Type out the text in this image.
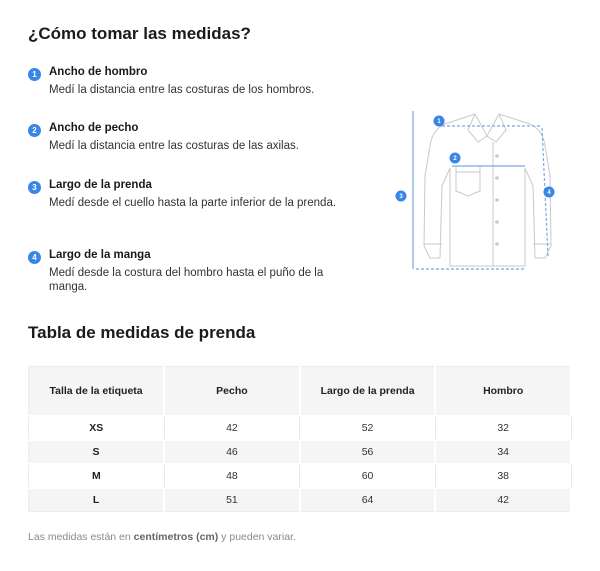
¿Cómo tomar las medidas?
1	Ancho de hombro
Medí la distancia entre las costuras de los hombros.
2	Ancho de pecho
Medí la distancia entre las costuras de las axilas.
3	Largo de la prenda
Medí desde el cuello hasta la parte inferior de la prenda.
4	Largo de la manga
Medí desde la costura del hombro hasta el puño de la manga.
1
2
3
4
Tabla de medidas de prenda
Talla de la etiqueta	Pecho	Largo de la prenda	Hombro
XS	42	52	32
S	46	56	34
M	48	60	38
L	51	64	42
Las medidas están en centímetros (cm) y pueden variar.
